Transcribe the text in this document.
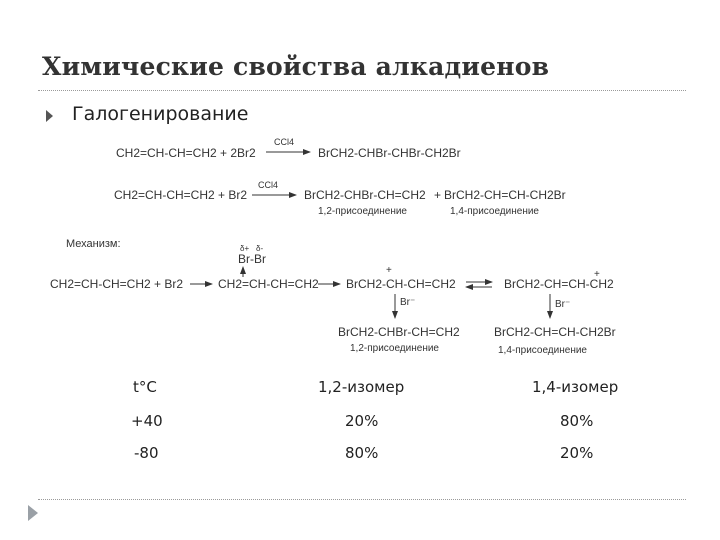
Химические свойства алкадиенов
Галогенирование
CH2=CH-CH=CH2 + 2Br2
CCl4
BrCH2-CHBr-CHBr-CH2Br
CH2=CH-CH=CH2 + Br2
CCl4
BrCH2-CHBr-CH=CH2 + BrCH2-CH=CH-CH2Br
1,2-присоединение	1,4-присоединение
Механизм:
CH2=CH-CH=CH2 + Br2
δ+ δ-
Br-Br
CH2=CH-CH=CH2
+
BrCH2-CH-CH=CH2
+
BrCH2-CH=CH-CH2
Br⁻	Br⁻
BrCH2-CHBr-CH=CH2
1,2-присоединение
BrCH2-CH=CH-CH2Br
1,4-присоединение
t°C	1,2-изомер	1,4-изомер
+40	20%	80%
-80	80%	20%
